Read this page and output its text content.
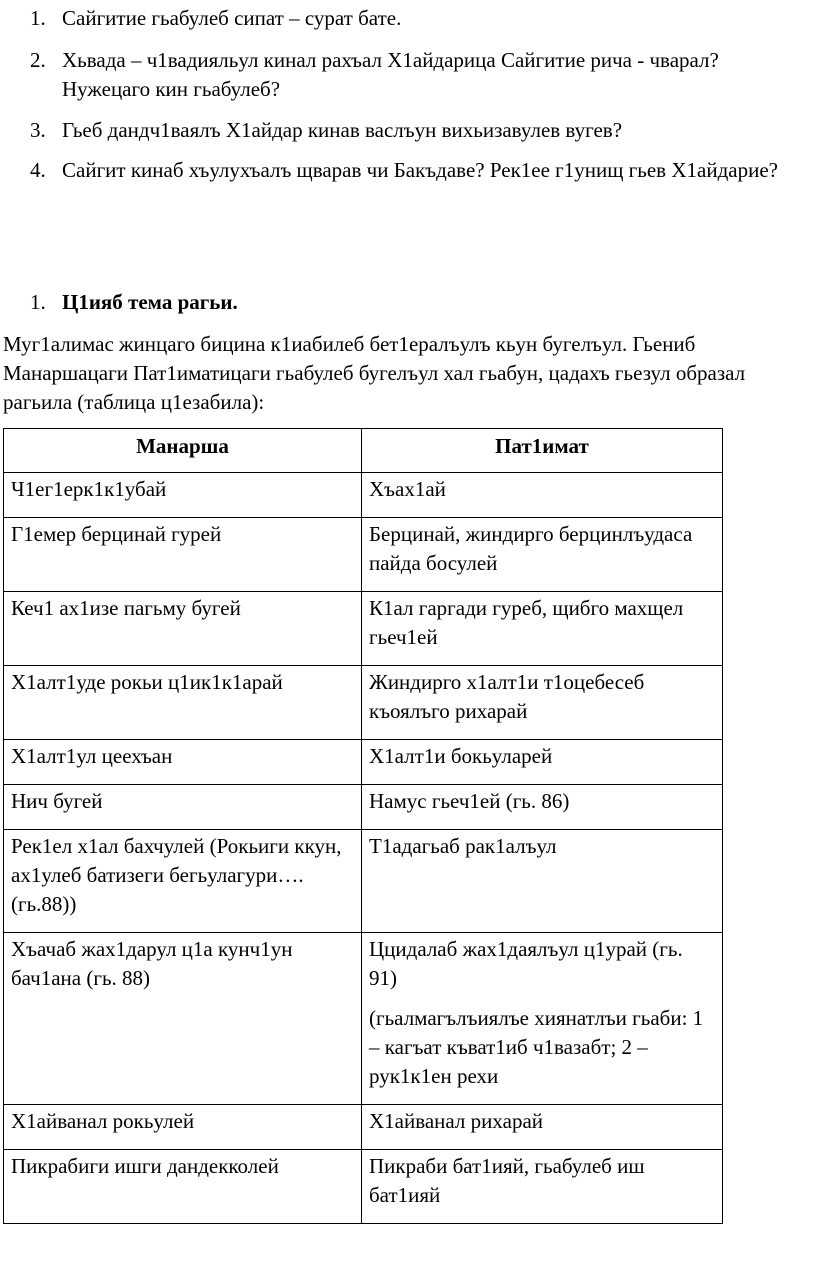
1. Сайгитие гьабулеб сипат – сурат бате.
2. Хьвада – ч1вадияльул кинал рахъал Х1айдарица Сайгитие рича - чварал? Нужецаго кин гьабулеб?
3. Гьеб дандч1ваялъ Х1айдар кинав васлъун вихьизавулев вугев?
4. Сайгит кинаб хъулухъалъ щварав чи Бакъдаве? Рек1ее г1унищ гьев Х1айдарие?
1. Ц1ияб тема рагьи.
Муг1алимас жинцаго бицина к1иабилеб бет1ералъулъ кьун бугелъул. Гьениб Манаршацаги Пат1иматицаги гьабулеб бугелъул хал гьабун, цадахъ гьезул образал рагьила (таблица ц1езабила):
Манарша	Пат1имат
Ч1ег1ерк1к1убай	Хъах1ай

Г1емер берцинай гурей	Берцинай, жиндирго берцинлъудаса пайда босулей

Кеч1 ах1изе пагьму бугей	К1ал гаргади гуреб, щибго махщел гьеч1ей

Х1алт1уде рокьи ц1ик1к1арай	Жиндирго х1алт1и т1оцебесеб къоялъго рихарай

Х1алт1ул цеехъан	Х1алт1и бокьуларей

Нич бугей	Намус гьеч1ей (гь. 86)

Рек1ел х1ал бахчулей (Рокьиги ккун, ах1улеб батизеги бегьулагури….(гь.88))	Т1адагьаб рак1алъул

Хъачаб жах1дарул ц1а кунч1ун бач1ана (гь. 88)	Ццидалаб жах1даялъул ц1урай (гь. 91)
(гьалмагълъиялъе хиянатлъи гьаби: 1 – кагъат къват1иб ч1вазабт; 2 – рук1к1ен рехи

Х1айванал рокьулей	Х1айванал рихарай

Пикрабиги ишги дандекколей	Пикраби бат1ияй, гьабулеб иш бат1ияй
